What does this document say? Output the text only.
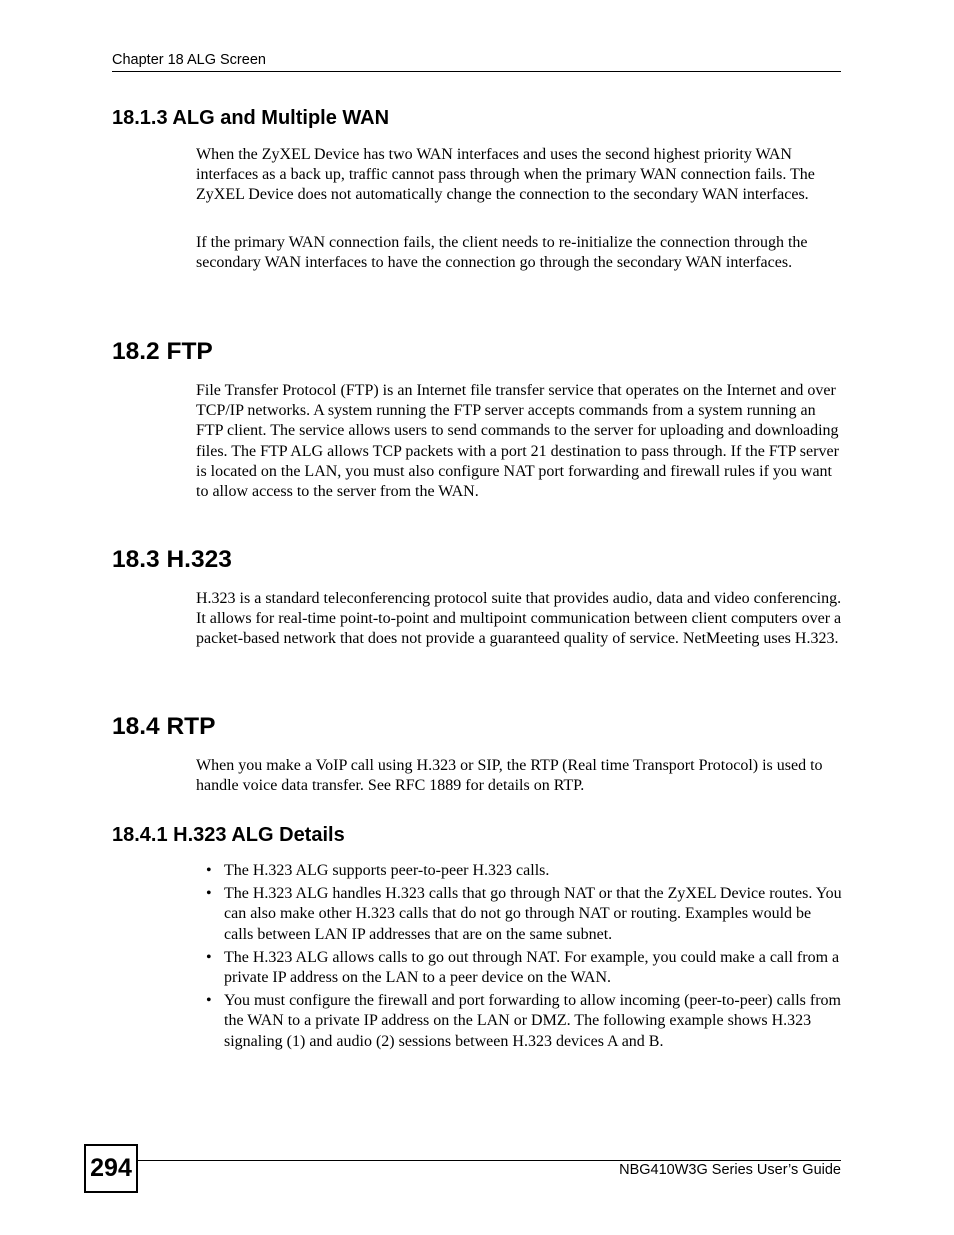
Chapter 18 ALG Screen
18.1.3 ALG and Multiple WAN

When the ZyXEL Device has two WAN interfaces and uses the second highest priority WAN interfaces as a back up, traffic cannot pass through when the primary WAN connection fails. The ZyXEL Device does not automatically change the connection to the secondary WAN interfaces.

If the primary WAN connection fails, the client needs to re-initialize the connection through the secondary WAN interfaces to have the connection go through the secondary WAN interfaces.

18.2 FTP

File Transfer Protocol (FTP) is an Internet file transfer service that operates on the Internet and over TCP/IP networks. A system running the FTP server accepts commands from a system running an FTP client. The service allows users to send commands to the server for uploading and downloading files. The FTP ALG allows TCP packets with a port 21 destination to pass through. If the FTP server is located on the LAN, you must also configure NAT port forwarding and firewall rules if you want to allow access to the server from the WAN.

18.3 H.323

H.323 is a standard teleconferencing protocol suite that provides audio, data and video conferencing. It allows for real-time point-to-point and multipoint communication between client computers over a packet-based network that does not provide a guaranteed quality of service. NetMeeting uses H.323.

18.4 RTP

When you make a VoIP call using H.323 or SIP, the RTP (Real time Transport Protocol) is used to handle voice data transfer. See RFC 1889 for details on RTP.

18.4.1 H.323 ALG Details
• The H.323 ALG supports peer-to-peer H.323 calls.
• The H.323 ALG handles H.323 calls that go through NAT or that the ZyXEL Device routes. You can also make other H.323 calls that do not go through NAT or routing. Examples would be calls between LAN IP addresses that are on the same subnet.
• The H.323 ALG allows calls to go out through NAT. For example, you could make a call from a private IP address on the LAN to a peer device on the WAN.
• You must configure the firewall and port forwarding to allow incoming (peer-to-peer) calls from the WAN to a private IP address on the LAN or DMZ. The following example shows H.323 signaling (1) and audio (2) sessions between H.323 devices A and B.
294	NBG410W3G Series User’s Guide
